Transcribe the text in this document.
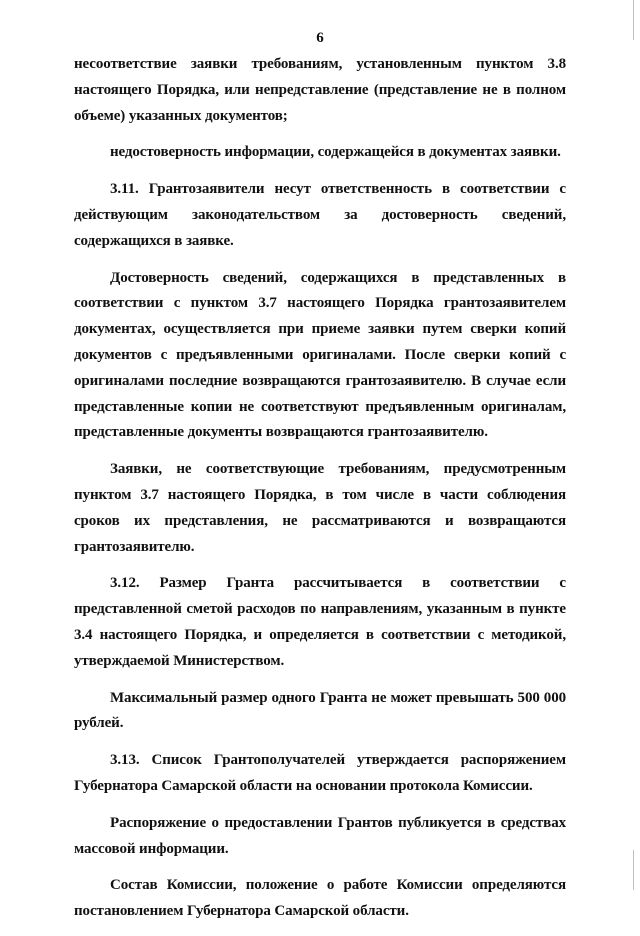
6

несоответствие заявки требованиям, установленным пунктом 3.8 настоящего Порядка, или непредставление (представление не в полном объеме) указанных документов;

недостоверность информации, содержащейся в документах заявки.

3.11. Грантозаявители несут ответственность в соответствии с действующим законодательством за достоверность сведений, содержащихся в заявке.

Достоверность сведений, содержащихся в представленных в соответствии с пунктом 3.7 настоящего Порядка грантозаявителем документах, осуществляется при приеме заявки путем сверки копий документов с предъявленными оригиналами. После сверки копий с оригиналами последние возвращаются грантозаявителю. В случае если представленные копии не соответствуют предъявленным оригиналам, представленные документы возвращаются грантозаявителю.

Заявки, не соответствующие требованиям, предусмотренным пунктом 3.7 настоящего Порядка, в том числе в части соблюдения сроков их представления, не рассматриваются и возвращаются грантозаявителю.

3.12. Размер Гранта рассчитывается в соответствии с представленной сметой расходов по направлениям, указанным в пункте 3.4 настоящего Порядка, и определяется в соответствии с методикой, утверждаемой Министерством.

Максимальный размер одного Гранта не может превышать 500 000 рублей.

3.13. Список Грантополучателей утверждается распоряжением Губернатора Самарской области на основании протокола Комиссии.

Распоряжение о предоставлении Грантов публикуется в средствах массовой информации.

Состав Комиссии, положение о работе Комиссии определяются постановлением Губернатора Самарской области.
